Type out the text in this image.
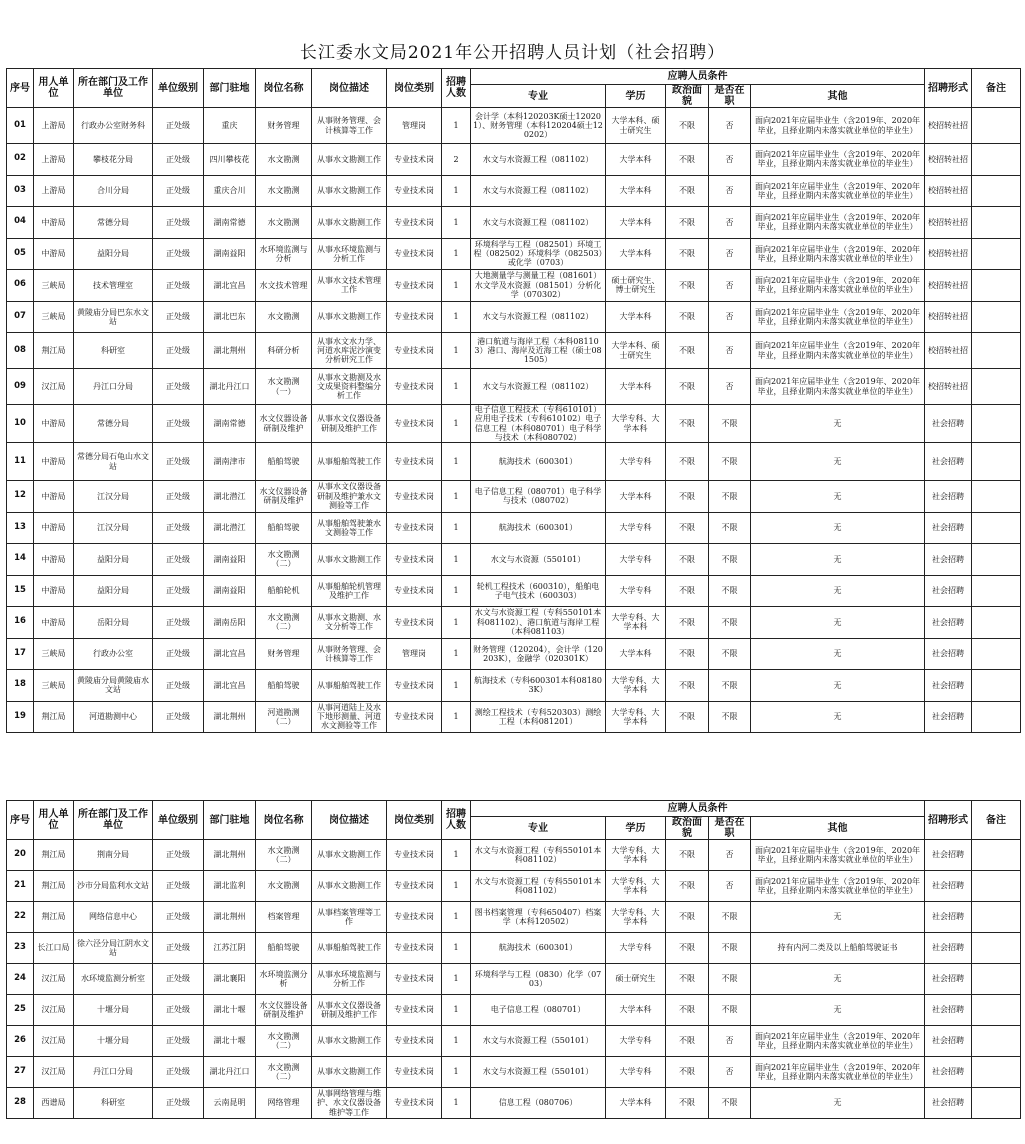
长江委水文局2021年公开招聘人员计划（社会招聘）
序号	用人单位	所在部门及工作单位	单位级别	部门驻地	岗位名称	岗位描述	岗位类别	招聘人数	应聘人员条件					招聘形式	备注
									专业	学历	政治面貌	是否在职	其他		
01	上游局	行政办公室财务科	正处级	重庆	财务管理	从事财务管理、会计核算等工作	管理岗	1	会计学（本科120203K硕士120201）、财务管理（本科120204硕士120202）	大学本科、硕士研究生	不限	否	面向2021年应届毕业生（含2019年、2020年毕业，且择业期内未落实就业单位的毕业生）	校招转社招	
02	上游局	攀枝花分局	正处级	四川攀枝花	水文勘测	从事水文勘测工作	专业技术岗	2	水文与水资源工程（081102）	大学本科	不限	否	面向2021年应届毕业生（含2019年、2020年毕业，且择业期内未落实就业单位的毕业生）	校招转社招	
03	上游局	合川分局	正处级	重庆合川	水文勘测	从事水文勘测工作	专业技术岗	1	水文与水资源工程（081102）	大学本科	不限	否	面向2021年应届毕业生（含2019年、2020年毕业，且择业期内未落实就业单位的毕业生）	校招转社招	
04	中游局	常德分局	正处级	湖南常德	水文勘测	从事水文勘测工作	专业技术岗	1	水文与水资源工程（081102）	大学本科	不限	否	面向2021年应届毕业生（含2019年、2020年毕业，且择业期内未落实就业单位的毕业生）	校招转社招	
05	中游局	益阳分局	正处级	湖南益阳	水环境监测与分析	从事水环境监测与分析工作	专业技术岗	1	环境科学与工程（082501）环境工程（082502）环境科学（082503）或化学（0703）	大学本科	不限	否	面向2021年应届毕业生（含2019年、2020年毕业，且择业期内未落实就业单位的毕业生）	校招转社招	
06	三峡局	技术管理室	正处级	湖北宜昌	水文技术管理	从事水文技术管理工作	专业技术岗	1	大地测量学与测量工程（081601）水文学及水资源（081501）分析化学（070302）	硕士研究生、博士研究生	不限	否	面向2021年应届毕业生（含2019年、2020年毕业，且择业期内未落实就业单位的毕业生）	校招转社招	
07	三峡局	黄陵庙分局巴东水文站	正处级	湖北巴东	水文勘测	从事水文勘测工作	专业技术岗	1	水文与水资源工程（081102）	大学本科	不限	否	面向2021年应届毕业生（含2019年、2020年毕业，且择业期内未落实就业单位的毕业生）	校招转社招	
08	荆江局	科研室	正处级	湖北荆州	科研分析	从事水文水力学、河道水库泥沙演变分析研究工作	专业技术岗	1	港口航道与海岸工程（本科081103）港口、海岸及近海工程（硕士081505）	大学本科、硕士研究生	不限	否	面向2021年应届毕业生（含2019年、2020年毕业，且择业期内未落实就业单位的毕业生）	校招转社招	
09	汉江局	丹江口分局	正处级	湖北丹江口	水文勘测（一）	从事水文勘测及水文成果资料整编分析工作	专业技术岗	1	水文与水资源工程（081102）	大学本科	不限	否	面向2021年应届毕业生（含2019年、2020年毕业，且择业期内未落实就业单位的毕业生）	校招转社招	
10	中游局	常德分局	正处级	湖南常德	水文仪器设备研制及维护	从事水文仪器设备研制及维护工作	专业技术岗	1	电子信息工程技术（专科610101）应用电子技术（专科610102）电子信息工程（本科080701）电子科学与技术（本科080702）	大学专科、大学本科	不限	不限	无	社会招聘	
11	中游局	常德分局石龟山水文站	正处级	湖南津市	船舶驾驶	从事船舶驾驶工作	专业技术岗	1	航海技术（600301）	大学专科	不限	不限	无	社会招聘	
12	中游局	江汉分局	正处级	湖北潜江	水文仪器设备研制及维护	从事水文仪器设备研制及维护兼水文测验等工作	专业技术岗	1	电子信息工程（080701）电子科学与技术（080702）	大学本科	不限	不限	无	社会招聘	
13	中游局	江汉分局	正处级	湖北潜江	船舶驾驶	从事船舶驾驶兼水文测验等工作	专业技术岗	1	航海技术（600301）	大学专科	不限	不限	无	社会招聘	
14	中游局	益阳分局	正处级	湖南益阳	水文勘测（二）	从事水文勘测工作	专业技术岗	1	水文与水资源（550101）	大学专科	不限	不限	无	社会招聘	
15	中游局	益阳分局	正处级	湖南益阳	船舶轮机	从事船舶轮机管理及维护工作	专业技术岗	1	轮机工程技术（600310），船舶电子电气技术（600303）	大学专科	不限	不限	无	社会招聘	
16	中游局	岳阳分局	正处级	湖南岳阳	水文勘测（二）	从事水文勘测、水文分析等工作	专业技术岗	1	水文与水资源工程（专科550101本科081102）、港口航道与海岸工程（本科081103）	大学专科、大学本科	不限	不限	无	社会招聘	
17	三峡局	行政办公室	正处级	湖北宜昌	财务管理	从事财务管理、会计核算等工作	管理岗	1	财务管理（120204），会计学（120203K），金融学（020301K）	大学本科	不限	不限	无	社会招聘	
18	三峡局	黄陵庙分局黄陵庙水文站	正处级	湖北宜昌	船舶驾驶	从事船舶驾驶工作	专业技术岗	1	航海技术（专科600301本科081803K）	大学专科、大学本科	不限	不限	无	社会招聘	
19	荆江局	河道勘测中心	正处级	湖北荆州	河道勘测（二）	从事河道陆上及水下地形测量、河道水文测验等工作	专业技术岗	1	测绘工程技术（专科520303）测绘工程（本科081201）	大学专科、大学本科	不限	不限	无	社会招聘	
序号	用人单位	所在部门及工作单位	单位级别	部门驻地	岗位名称	岗位描述	岗位类别	招聘人数	应聘人员条件					招聘形式	备注
									专业	学历	政治面貌	是否在职	其他		
20	荆江局	荆南分局	正处级	湖北荆州	水文勘测（二）	从事水文勘测工作	专业技术岗	1	水文与水资源工程（专科550101本科081102）	大学专科、大学本科	不限	否	面向2021年应届毕业生（含2019年、2020年毕业，且择业期内未落实就业单位的毕业生）	社会招聘	
21	荆江局	沙市分局监利水文站	正处级	湖北监利	水文勘测	从事水文勘测工作	专业技术岗	1	水文与水资源工程（专科550101本科081102）	大学专科、大学本科	不限	否	面向2021年应届毕业生（含2019年、2020年毕业，且择业期内未落实就业单位的毕业生）	社会招聘	
22	荆江局	网络信息中心	正处级	湖北荆州	档案管理	从事档案管理等工作	专业技术岗	1	图书档案管理（专科650407）档案学（本科120502）	大学专科、大学本科	不限	不限	无	社会招聘	
23	长江口局	徐六泾分局江阴水文站	正处级	江苏江阴	船舶驾驶	从事船舶驾驶工作	专业技术岗	1	航海技术（600301）	大学专科	不限	不限	持有内河二类及以上船舶驾驶证书	社会招聘	
24	汉江局	水环境监测分析室	正处级	湖北襄阳	水环境监测分析	从事水环境监测与分析工作	专业技术岗	1	环境科学与工程（0830）化学（0703）	硕士研究生	不限	不限	无	社会招聘	
25	汉江局	十堰分局	正处级	湖北十堰	水文仪器设备研制及维护	从事水文仪器设备研制及维护工作	专业技术岗	1	电子信息工程（080701）	大学本科	不限	不限	无	社会招聘	
26	汉江局	十堰分局	正处级	湖北十堰	水文勘测（二）	从事水文勘测工作	专业技术岗	1	水文与水资源工程（550101）	大学专科	不限	否	面向2021年应届毕业生（含2019年、2020年毕业，且择业期内未落实就业单位的毕业生）	社会招聘	
27	汉江局	丹江口分局	正处级	湖北丹江口	水文勘测（二）	从事水文勘测工作	专业技术岗	1	水文与水资源工程（550101）	大学专科	不限	否	面向2021年应届毕业生（含2019年、2020年毕业，且择业期内未落实就业单位的毕业生）	社会招聘	
28	西谱局	科研室	正处级	云南昆明	网络管理	从事网络管理与维护、水文仪器设备维护等工作	专业技术岗	1	信息工程（080706）	大学本科	不限	不限	无	社会招聘	
